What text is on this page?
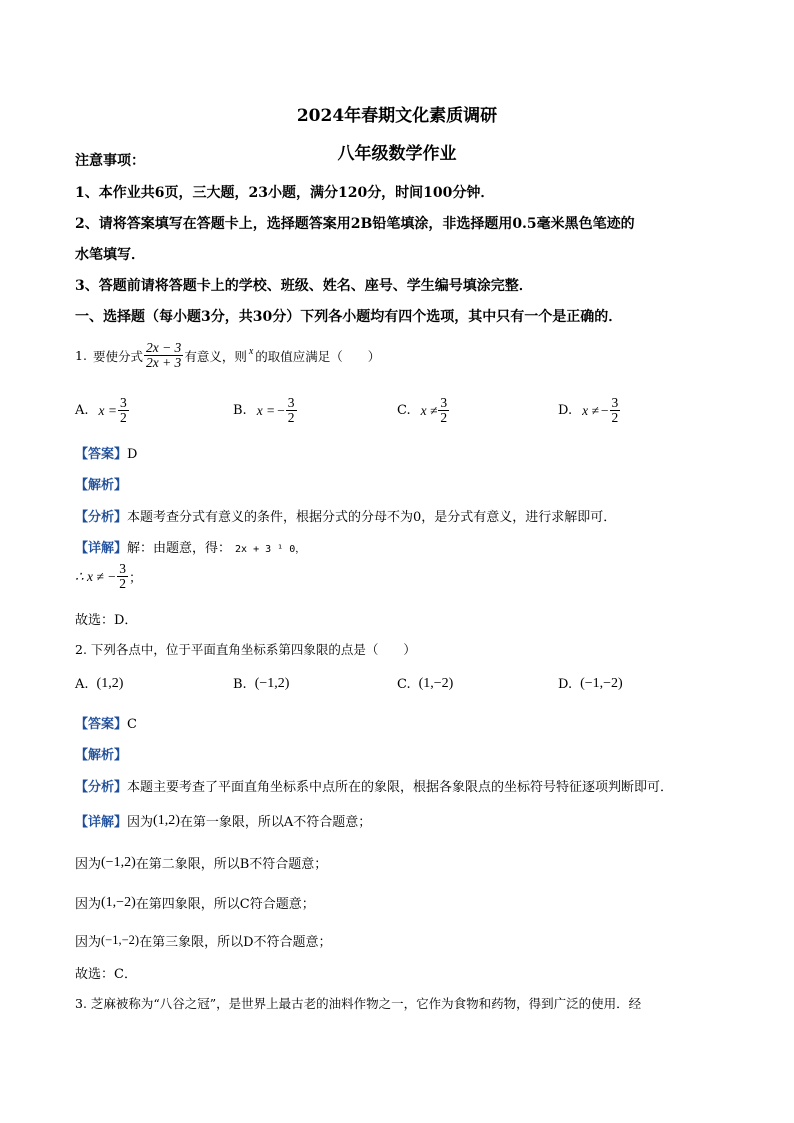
2024年春期文化素质调研
八年级数学作业
注意事项：
1、本作业共6页，三大题，23小题，满分120分，时间100分钟．
2、请将答案填写在答题卡上，选择题答案用2B铅笔填涂，非选择题用0.5毫米黑色笔迹的
水笔填写．
3、答题前请将答题卡上的学校、班级、姓名、座号、学生编号填涂完整．
一、选择题（每小题3分，共30分）下列各小题均有四个选项，其中只有一个是正确的．
1. 要使分式 $\frac{2x - 3}{2x + 3}$ 有意义，则 x 的取值应满足（　　）
A. $x = \frac{3}{2}$	B. x = − $\frac{3}{2}$	C. $x \ne \frac{3}{2}$	D. x ≠ − $\frac{3}{2}$
【答案】D
【解析】
【分析】本题考查分式有意义的条件，根据分式的分母不为0，是分式有意义，进行求解即可．
【详解】解：由题意，得： 2x + 3 ¹ 0，
∴ x ≠ − $\frac{3}{2}$ ；
故选：D．
2. 下列各点中，位于平面直角坐标系第四象限的点是（　　）
A. (1,2)	B. (−1,2)	C. (1,−2)	D. (−1,−2)
【答案】C
【解析】
【分析】本题主要考查了平面直角坐标系中点所在的象限，根据各象限点的坐标符号特征逐项判断即可．
【详解】 因为 (1,2) 在第一象限，所以A不符合题意；
因为 (−1,2) 在第二象限，所以B不符合题意；
因为 (1,−2) 在第四象限，所以C符合题意；
因为 (−1,−2) 在第三象限，所以D不符合题意；
故选：C．
3. 芝麻被称为“八谷之冠”，是世界上最古老的油料作物之一，它作为食物和药物，得到广泛的使用．经
